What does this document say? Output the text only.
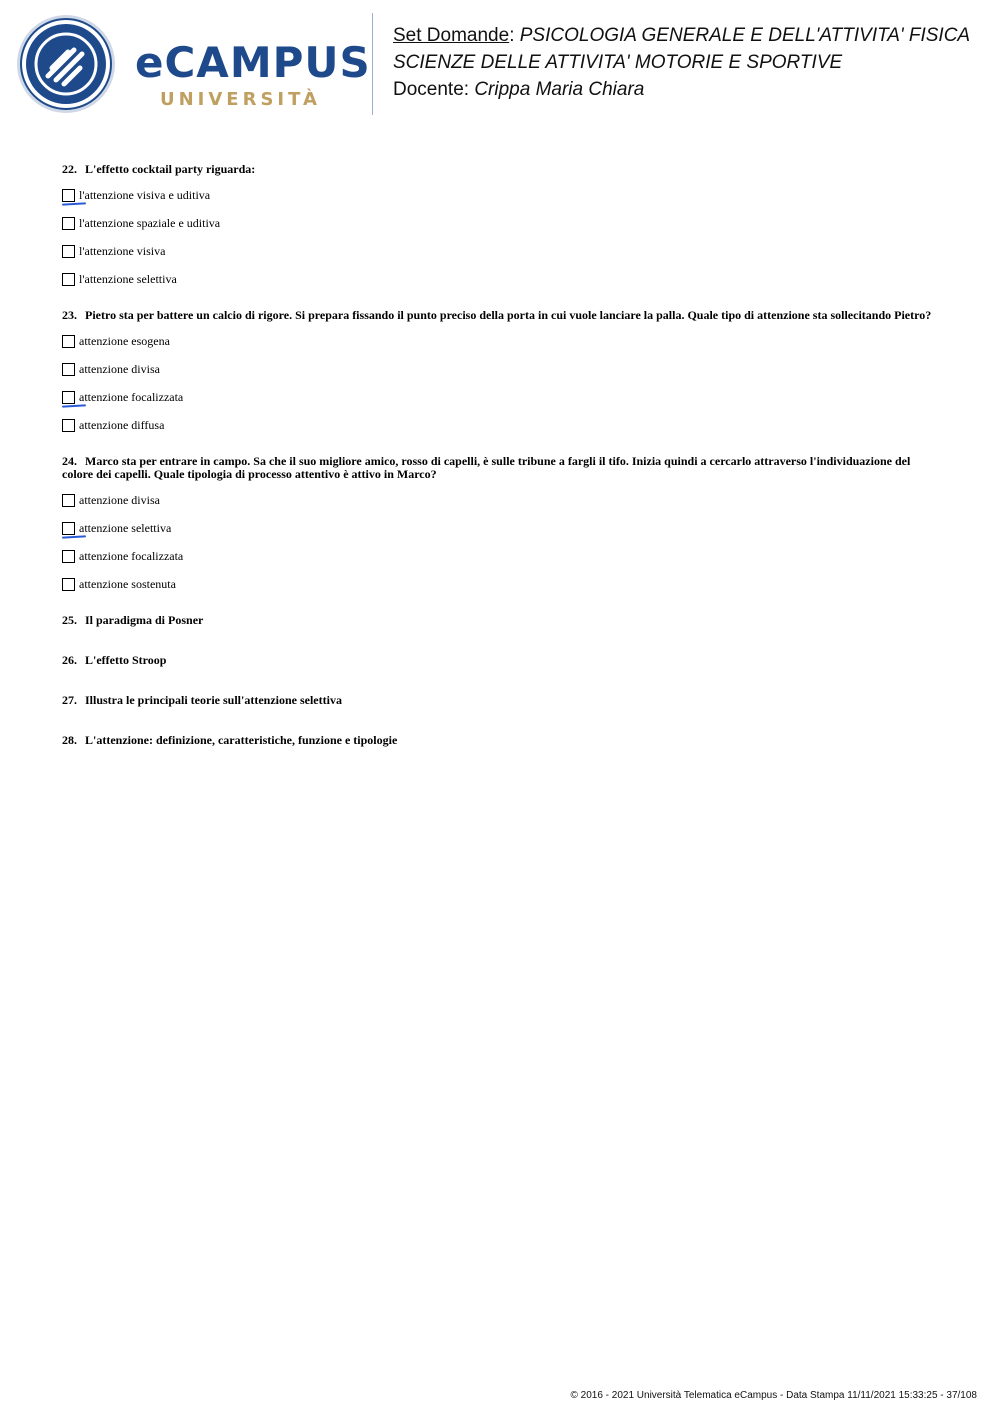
eCAMPUS
UNIVERSITÀ
Set Domande: PSICOLOGIA GENERALE E DELL'ATTIVITA' FISICA
SCIENZE DELLE ATTIVITA' MOTORIE E SPORTIVE
Docente: Crippa Maria Chiara
22. L'effetto cocktail party riguarda:
l'attenzione visiva e uditiva
l'attenzione spaziale e uditiva
l'attenzione visiva
l'attenzione selettiva
23. Pietro sta per battere un calcio di rigore. Si prepara fissando il punto preciso della porta in cui vuole lanciare la palla. Quale tipo di attenzione sta sollecitando Pietro?
attenzione esogena
attenzione divisa
attenzione focalizzata
attenzione diffusa
24. Marco sta per entrare in campo. Sa che il suo migliore amico, rosso di capelli, è sulle tribune a fargli il tifo. Inizia quindi a cercarlo attraverso l'individuazione del colore dei capelli. Quale tipologia di processo attentivo è attivo in Marco?
attenzione divisa
attenzione selettiva
attenzione focalizzata
attenzione sostenuta
25. Il paradigma di Posner
26. L'effetto Stroop
27. Illustra le principali teorie sull'attenzione selettiva
28. L'attenzione: definizione, caratteristiche, funzione e tipologie
© 2016 - 2021 Università Telematica eCampus - Data Stampa 11/11/2021 15:33:25 - 37/108
